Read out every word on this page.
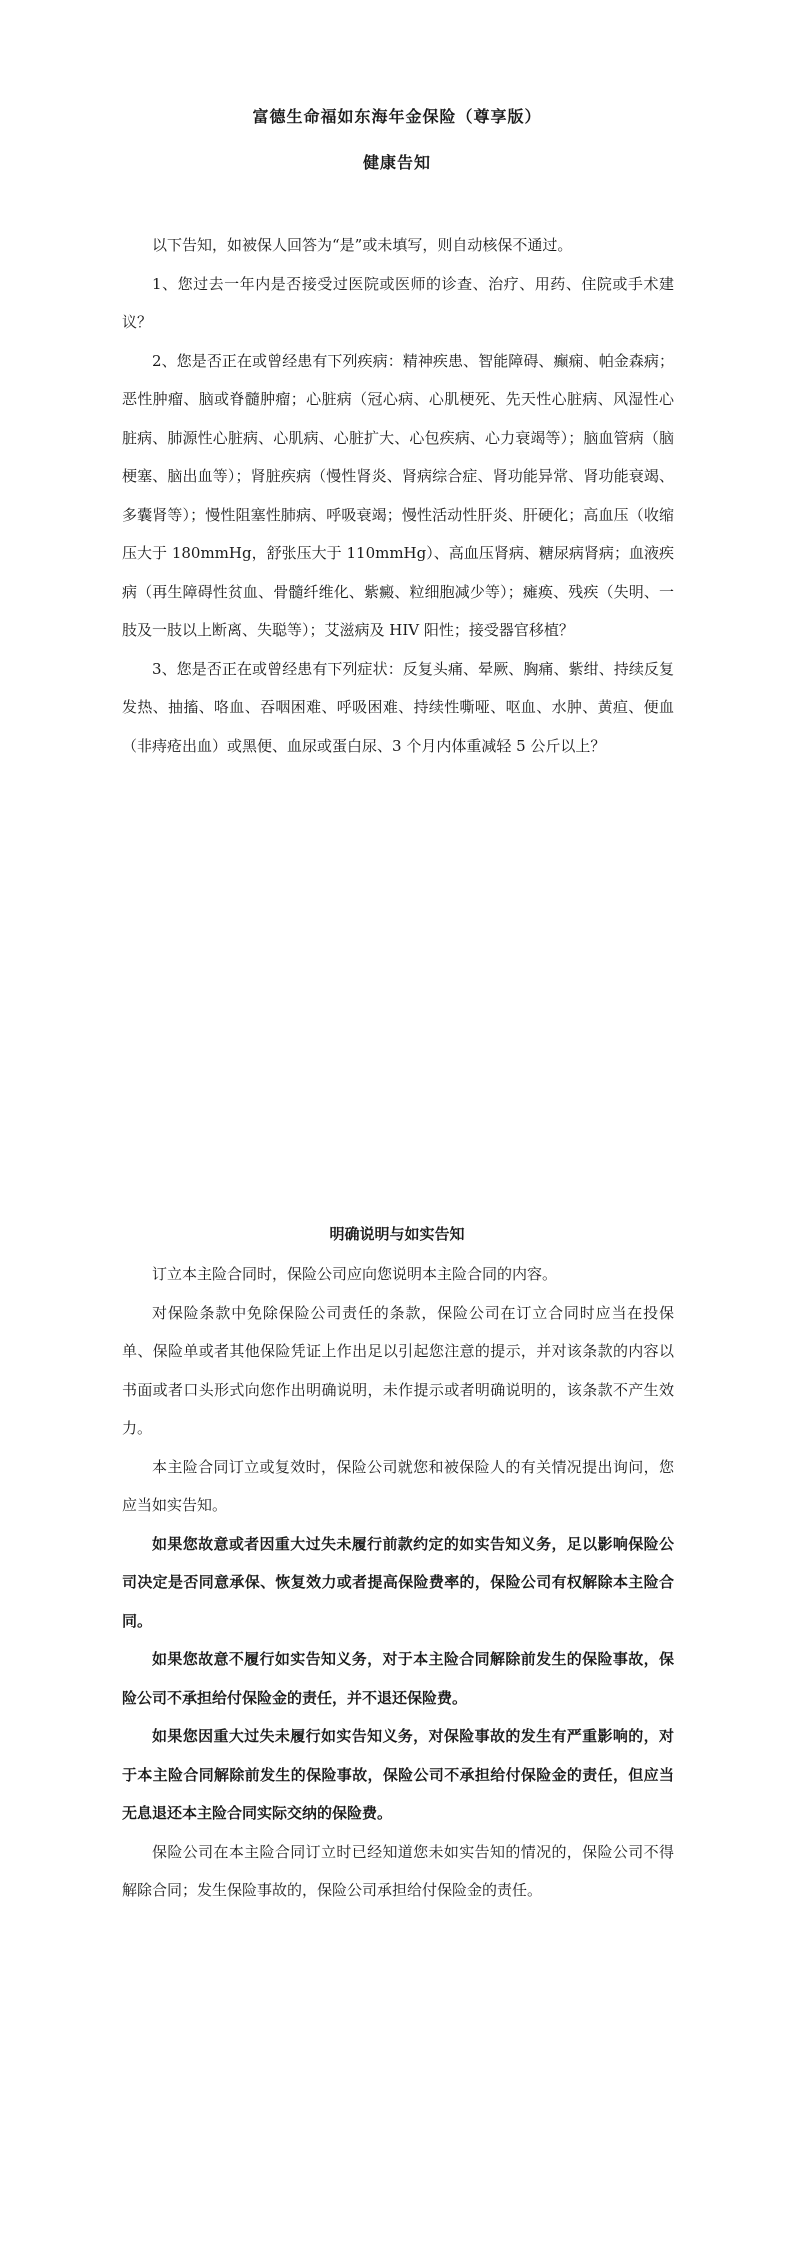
富德生命福如东海年金保险（尊享版）
健康告知

以下告知，如被保人回答为“是”或未填写，则自动核保不通过。

1、您过去一年内是否接受过医院或医师的诊查、治疗、用药、住院或手术建议？

2、您是否正在或曾经患有下列疾病：精神疾患、智能障碍、癫痫、帕金森病；恶性肿瘤、脑或脊髓肿瘤；心脏病（冠心病、心肌梗死、先天性心脏病、风湿性心脏病、肺源性心脏病、心肌病、心脏扩大、心包疾病、心力衰竭等）；脑血管病（脑梗塞、脑出血等）；肾脏疾病（慢性肾炎、肾病综合症、肾功能异常、肾功能衰竭、多囊肾等）；慢性阻塞性肺病、呼吸衰竭；慢性活动性肝炎、肝硬化；高血压（收缩压大于 180mmHg，舒张压大于 110mmHg）、高血压肾病、糖尿病肾病；血液疾病（再生障碍性贫血、骨髓纤维化、紫癜、粒细胞减少等）；瘫痪、残疾（失明、一肢及一肢以上断离、失聪等）；艾滋病及 HIV 阳性；接受器官移植？

3、您是否正在或曾经患有下列症状：反复头痛、晕厥、胸痛、紫绀、持续反复发热、抽搐、咯血、吞咽困难、呼吸困难、持续性嘶哑、呕血、水肿、黄疸、便血（非痔疮出血）或黑便、血尿或蛋白尿、3 个月内体重减轻 5 公斤以上？

明确说明与如实告知

订立本主险合同时，保险公司应向您说明本主险合同的内容。

对保险条款中免除保险公司责任的条款，保险公司在订立合同时应当在投保单、保险单或者其他保险凭证上作出足以引起您注意的提示，并对该条款的内容以书面或者口头形式向您作出明确说明，未作提示或者明确说明的，该条款不产生效力。

本主险合同订立或复效时，保险公司就您和被保险人的有关情况提出询问，您应当如实告知。

如果您故意或者因重大过失未履行前款约定的如实告知义务，足以影响保险公司决定是否同意承保、恢复效力或者提高保险费率的，保险公司有权解除本主险合同。

如果您故意不履行如实告知义务，对于本主险合同解除前发生的保险事故，保险公司不承担给付保险金的责任，并不退还保险费。

如果您因重大过失未履行如实告知义务，对保险事故的发生有严重影响的，对于本主险合同解除前发生的保险事故，保险公司不承担给付保险金的责任，但应当无息退还本主险合同实际交纳的保险费。

保险公司在本主险合同订立时已经知道您未如实告知的情况的，保险公司不得解除合同；发生保险事故的，保险公司承担给付保险金的责任。
